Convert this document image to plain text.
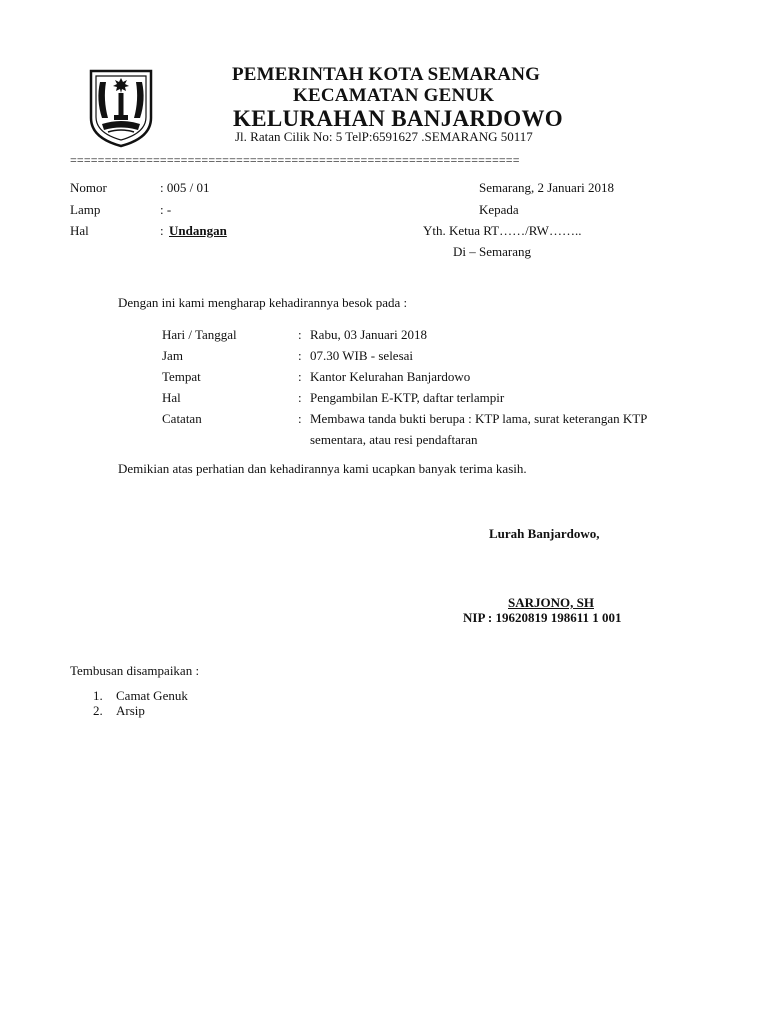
PEMERINTAH KOTA SEMARANG
KECAMATAN GENUK
KELURAHAN BANJARDOWO
Jl. Ratan Cilik No: 5 TelP:6591627 .SEMARANG 50117
=================================================================
Nomor	: 005 / 01
Lamp	: -
Hal	: Undangan
Semarang, 2 Januari 2018
Kepada
Yth. Ketua RT……/RW……..
Di – Semarang
Dengan ini kami mengharap kehadirannya besok pada :
Hari / Tanggal	: Rabu, 03 Januari 2018
Jam	: 07.30 WIB - selesai
Tempat	: Kantor Kelurahan Banjardowo
Hal	: Pengambilan E-KTP, daftar terlampir
Catatan	: Membawa tanda bukti berupa : KTP lama, surat keterangan KTP
sementara, atau resi pendaftaran
Demikian atas perhatian dan kehadirannya kami ucapkan banyak terima kasih.
Lurah Banjardowo,
SARJONO, SH
NIP : 19620819 198611 1 001
Tembusan disampaikan :
1. Camat Genuk
2. Arsip
